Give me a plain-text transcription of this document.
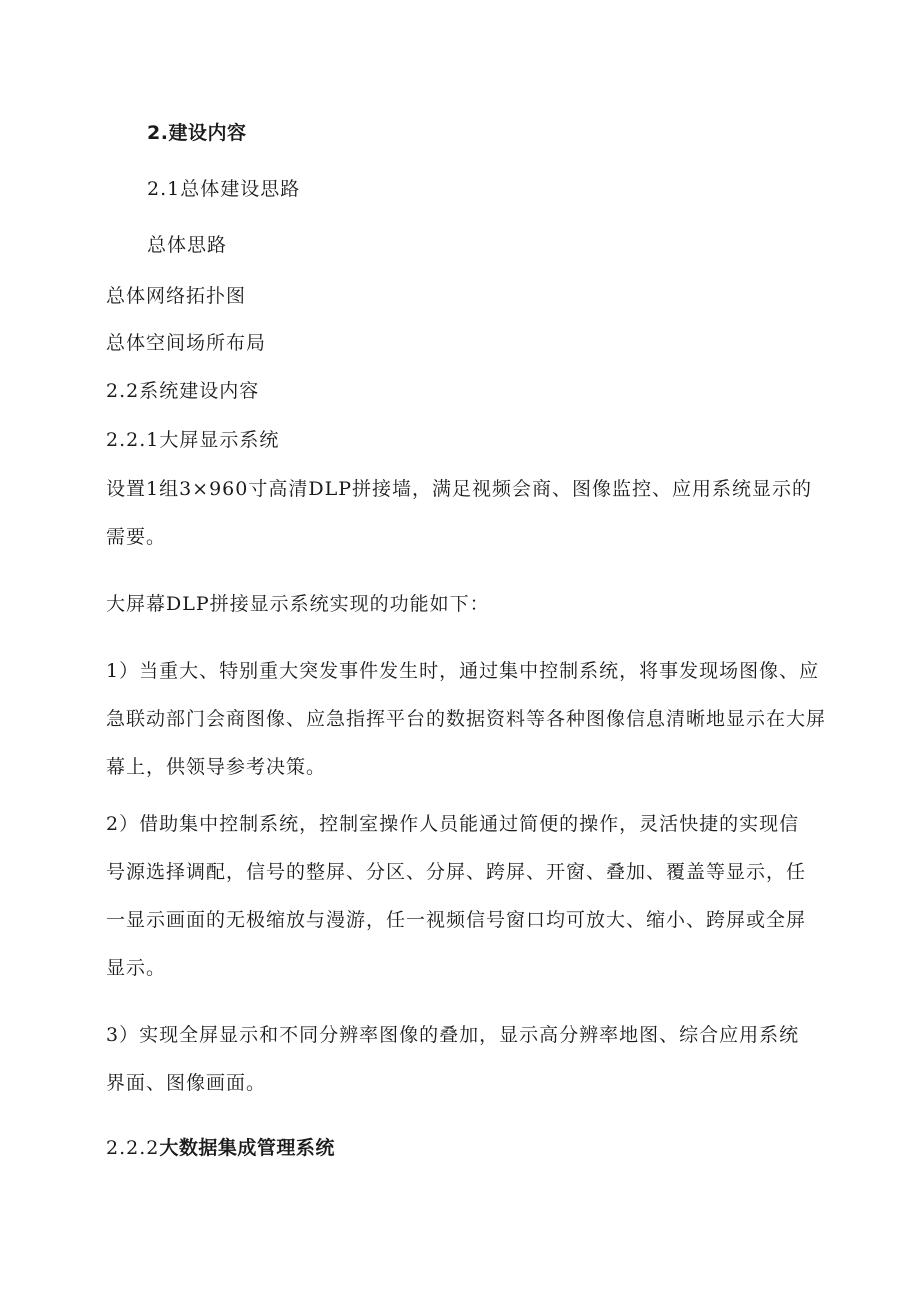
2.建设内容
2.1总体建设思路
总体思路
总体网络拓扑图
总体空间场所布局
2.2系统建设内容
2.2.1大屏显示系统
设置1组3×960寸高清DLP拼接墙，满足视频会商、图像监控、应用系统显示的
需要。
大屏幕DLP拼接显示系统实现的功能如下：
1）当重大、特别重大突发事件发生时，通过集中控制系统，将事发现场图像、应
急联动部门会商图像、应急指挥平台的数据资料等各种图像信息清晰地显示在大屏
幕上，供领导参考决策。
2）借助集中控制系统，控制室操作人员能通过简便的操作，灵活快捷的实现信
号源选择调配，信号的整屏、分区、分屏、跨屏、开窗、叠加、覆盖等显示，任
一显示画面的无极缩放与漫游，任一视频信号窗口均可放大、缩小、跨屏或全屏
显示。
3）实现全屏显示和不同分辨率图像的叠加，显示高分辨率地图、综合应用系统
界面、图像画面。
2.2.2大数据集成管理系统
